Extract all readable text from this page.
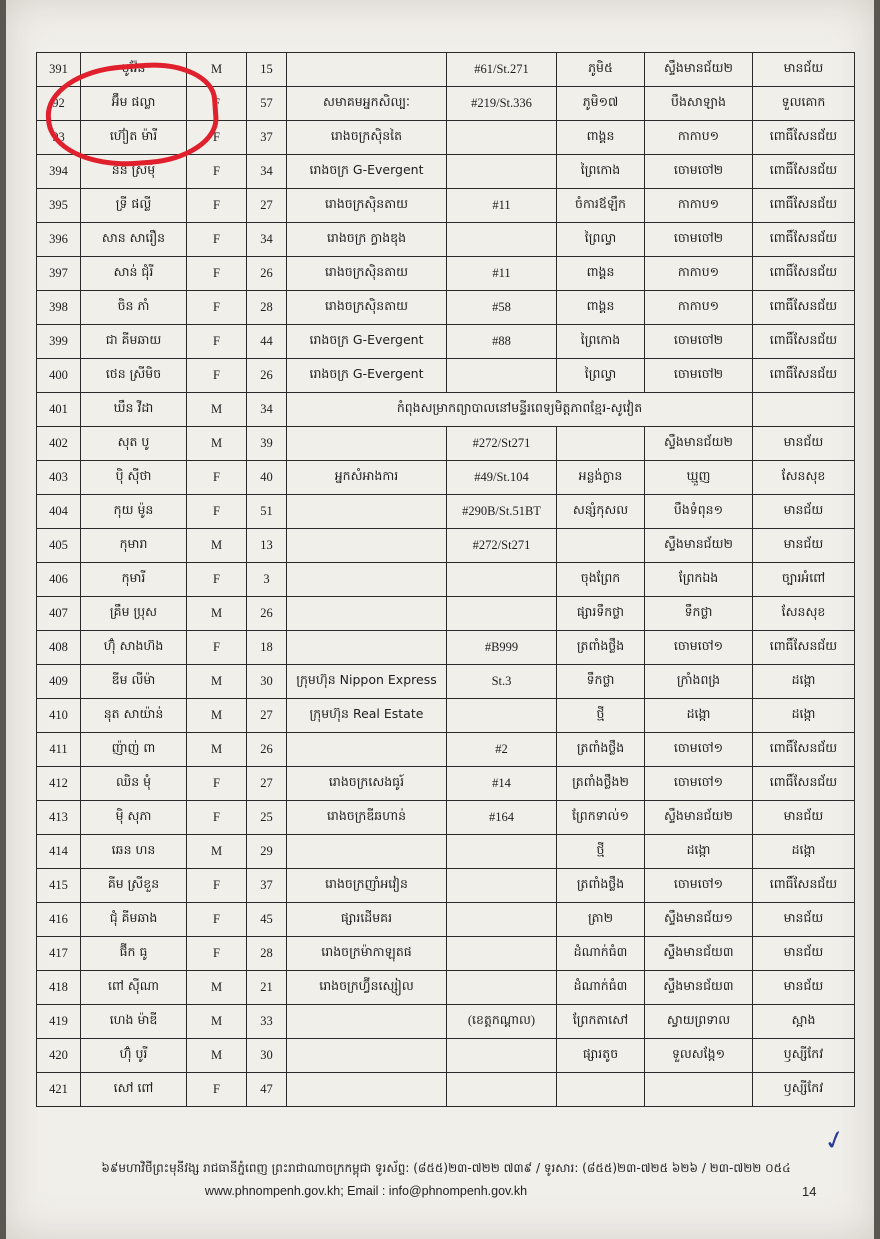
391	បូវ៉ែន	M	15		#61/St.271	ភូមិ៥	ស្ទឹងមានជ័យ២	មានជ័យ
92	អ៊ឹម ផល្លា	F	57	សមាគមអ្នកសិល្បៈ	#219/St.336	ភូមិ១៧	បឹងសាឡាង	ទួលគោក
93	ហ៊ៀត ម៉ារី	F	37	រោងចក្រស៊ិនតៃ		ពាង្គន	កាកាប១	ពោធិ៍សែនជ័យ
394	នន ស្រីមុំ	F	34	រោងចក្រ G-Evergent		ព្រៃកោង	ចោមចៅ២	ពោធិ៍សែនជ័យ
395	ទ្រី ផល្លី	F	27	រោងចក្រស៊ិនតាយ	#11	ចំការឪឡឹក	កាកាប១	ពោធិ៍សែនជ័យ
396	សាន សារឿន	F	34	រោងចក្រ ក្វាងឌុង		ព្រៃល្វា	ចោមចៅ២	ពោធិ៍សែនជ័យ
397	សាន់ ជុំរី	F	26	រោងចក្រស៊ិនតាយ	#11	ពាង្គន	កាកាប១	ពោធិ៍សែនជ័យ
398	ចិន ភាំ	F	28	រោងចក្រស៊ិនតាយ	#58	ពាង្គន	កាកាប១	ពោធិ៍សែនជ័យ
399	ជា គីមឆាយ	F	44	រោងចក្រ G-Evergent	#88	ព្រៃកោង	ចោមចៅ២	ពោធិ៍សែនជ័យ
400	ថេន ស្រីមិច	F	26	រោងចក្រ G-Evergent		ព្រៃល្វា	ចោមចៅ២	ពោធិ៍សែនជ័យ
401	ឃឹន វីដា	M	34	កំពុងសម្រាកព្យាបាលនៅមន្ទីរពេទ្យមិត្តភាពខ្មែរ-សូវៀត				
402	សុត បូ	M	39		#272/St271		ស្ទឹងមានជ័យ២	មានជ័យ
403	ប៉ិ ស៊ីថា	F	40	អ្នកសំអាងការ	#49/St.104	អន្លង់ក្ងាន	ឃ្មួញ	សែនសុខ
404	កុយ ម៉ូន	F	51		#290B/St.51BT	សន្សំកុសល	បឹងទំពុន១	មានជ័យ
405	កុមារា	M	13		#272/St271		ស្ទឹងមានជ័យ២	មានជ័យ
406	កុមារី	F	3			ចុងព្រែក	ព្រែកឯង	ច្បារអំពៅ
407	គ្រឹម ប្រុស	M	26			ផ្សារទឹកថ្លា	ទឹកថ្លា	សែនសុខ
408	ហ៊ុំ សាងហ៊ង	F	18		#B999	ត្រពាំងថ្លឹង	ចោមចៅ១	ពោធិ៍សែនជ័យ
409	ឌីម លីម៉ា	M	30	ក្រុមហ៊ុន Nippon Express	St.3	ទឹកថ្លា	ក្រាំងពង្រ	ដង្កោ
410	នុត សាយ៉ាន់	M	27	ក្រុមហ៊ុន Real Estate		ថ្មី	ដង្កោ	ដង្កោ
411	ញ៉ាញ់ ពា	M	26		#2	ត្រពាំងថ្លឹង	ចោមចៅ១	ពោធិ៍សែនជ័យ
412	ឈិន មុំ	F	27	រោងចក្រសេងធូរ៍	#14	ត្រពាំងថ្លឹង២	ចោមចៅ១	ពោធិ៍សែនជ័យ
413	មុិ សុភា	F	25	រោងចក្រឌីឆហាន់	#164	ព្រែកទាល់១	ស្ទឹងមានជ័យ២	មានជ័យ
414	ឆេន ហន	M	29			ថ្មី	ដង្កោ	ដង្កោ
415	គីម ស្រីខួន	F	37	រោងចក្រញាំអវៀន		ត្រពាំងថ្លឹង	ចោមចៅ១	ពោធិ៍សែនជ័យ
416	ជុំ គីមឆាង	F	45	ផ្សារដើមគរ		ត្រា២	ស្ទឹងមានជ័យ១	មានជ័យ
417	ផ៊ីក ធូ	F	28	រោងចក្រម៉ាកាឡុតផ		ដំណាក់ធំ៣	ស្ទឹងមានជ័យ៣	មានជ័យ
418	ពៅ ស៊ីណា	M	21	រោងចក្រហ្វ៊ីនស្សៀល		ដំណាក់ធំ៣	ស្ទឹងមានជ័យ៣	មានជ័យ
419	ហេង ម៉ាឌី	M	33		(ខេត្តកណ្ដាល)	ព្រែកតាសៅ	ស្វាយព្រទាល	ស្អាង
420	ហ៊ុំ បូរី	M	30			ផ្សារតូច	ទួលសង្កែ១	ឫស្សីកែវ
421	សៅ ពៅ	F	47					ឫស្សីកែវ
✓
៦៩មហាវិថីព្រះមុនីវង្ស រាជធានីភ្នំពេញ ព្រះរាជាណាចក្រកម្ពុជា ទូរស័ព្ទ: (៨៥៥)២៣-៧២២ ៧៣៩ / ទូរសារ: (៨៥៥)២៣-៧២៥ ៦២៦ / ២៣-៧២២ ០៥៤
www.phnompenh.gov.kh; Email : info@phnompenh.gov.kh	14
